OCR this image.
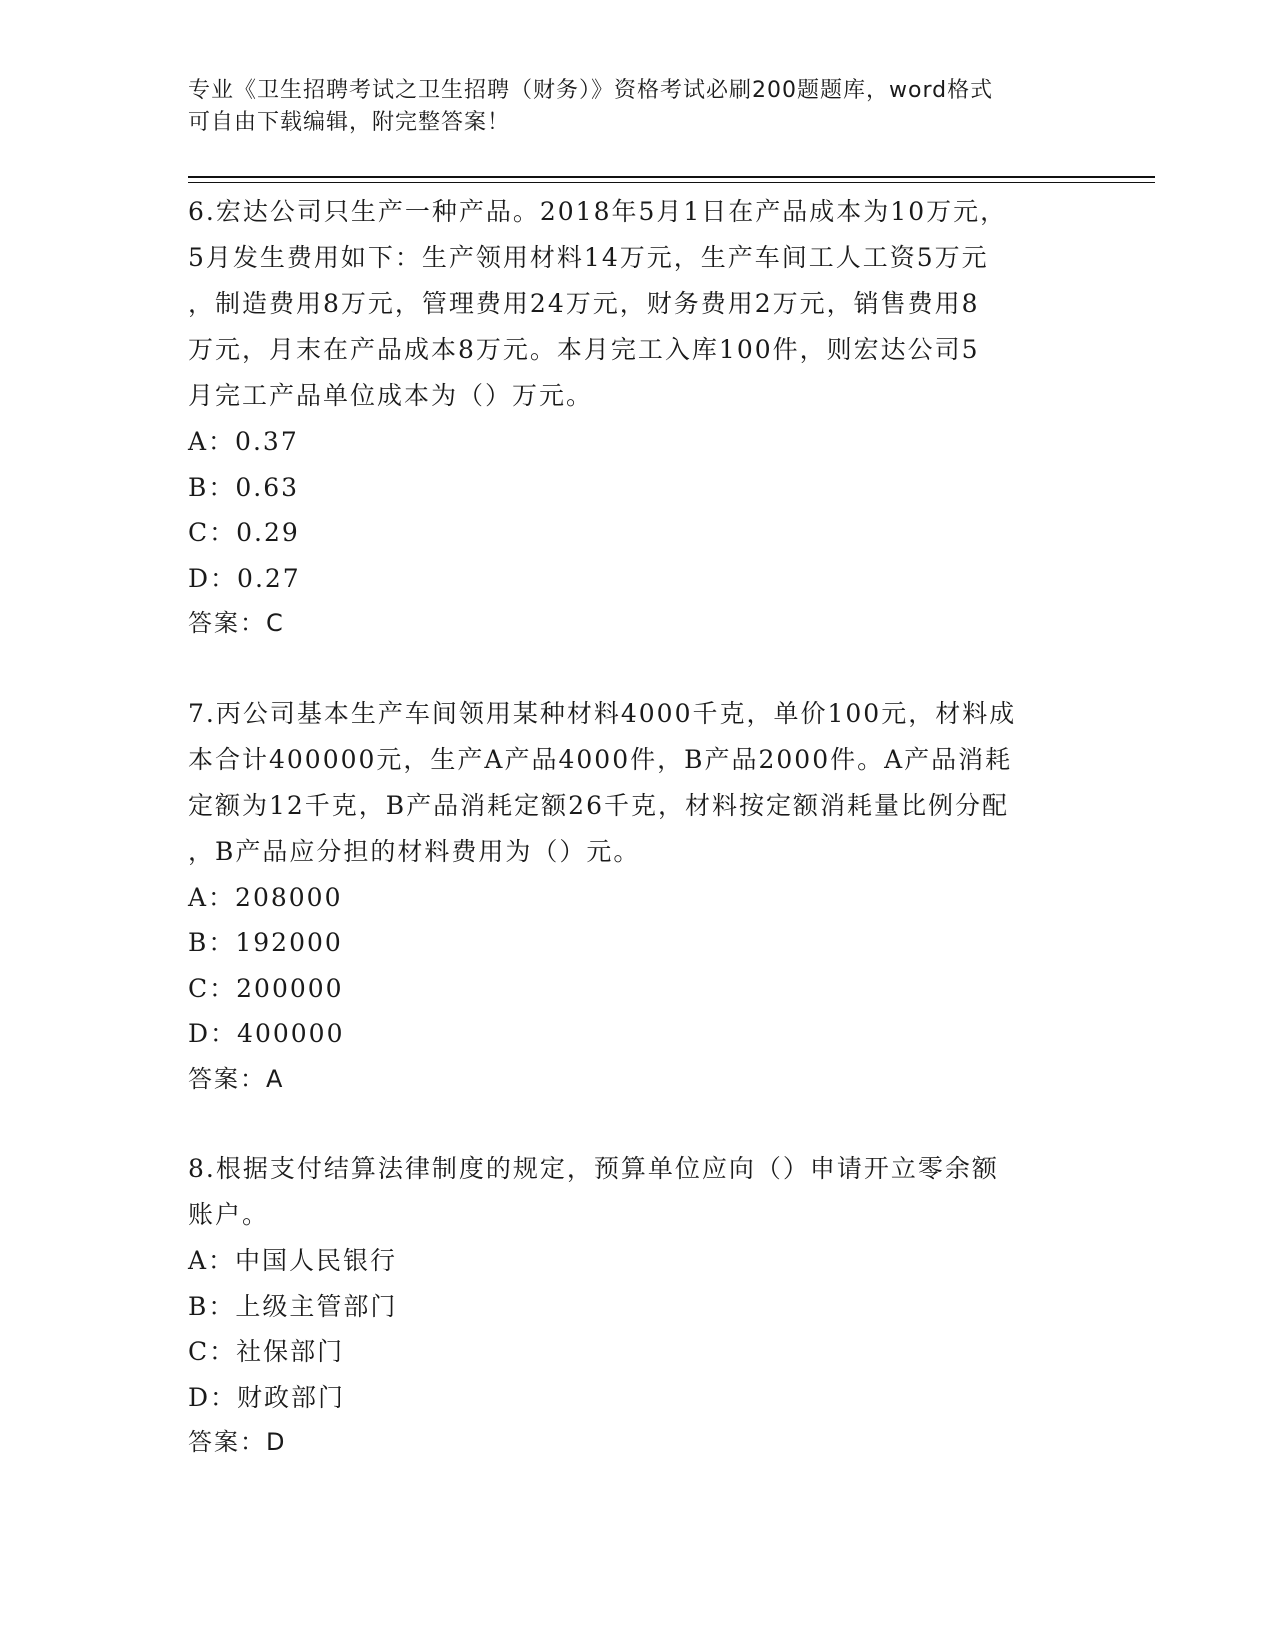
专业《卫生招聘考试之卫生招聘（财务）》资格考试必刷200题题库，word格式
可自由下载编辑，附完整答案！
6.宏达公司只生产一种产品。2018年5月1日在产品成本为10万元，
5月发生费用如下：生产领用材料14万元，生产车间工人工资5万元
，制造费用8万元，管理费用24万元，财务费用2万元，销售费用8
万元，月末在产品成本8万元。本月完工入库100件，则宏达公司5
月完工产品单位成本为（）万元。
A：0.37
B：0.63
C：0.29
D：0.27
答案：C
7.丙公司基本生产车间领用某种材料4000千克，单价100元，材料成
本合计400000元，生产A产品4000件，B产品2000件。A产品消耗
定额为12千克，B产品消耗定额26千克，材料按定额消耗量比例分配
，B产品应分担的材料费用为（）元。
A：208000
B：192000
C：200000
D：400000
答案：A
8.根据支付结算法律制度的规定，预算单位应向（）申请开立零余额
账户。
A：中国人民银行
B：上级主管部门
C：社保部门
D：财政部门
答案：D
